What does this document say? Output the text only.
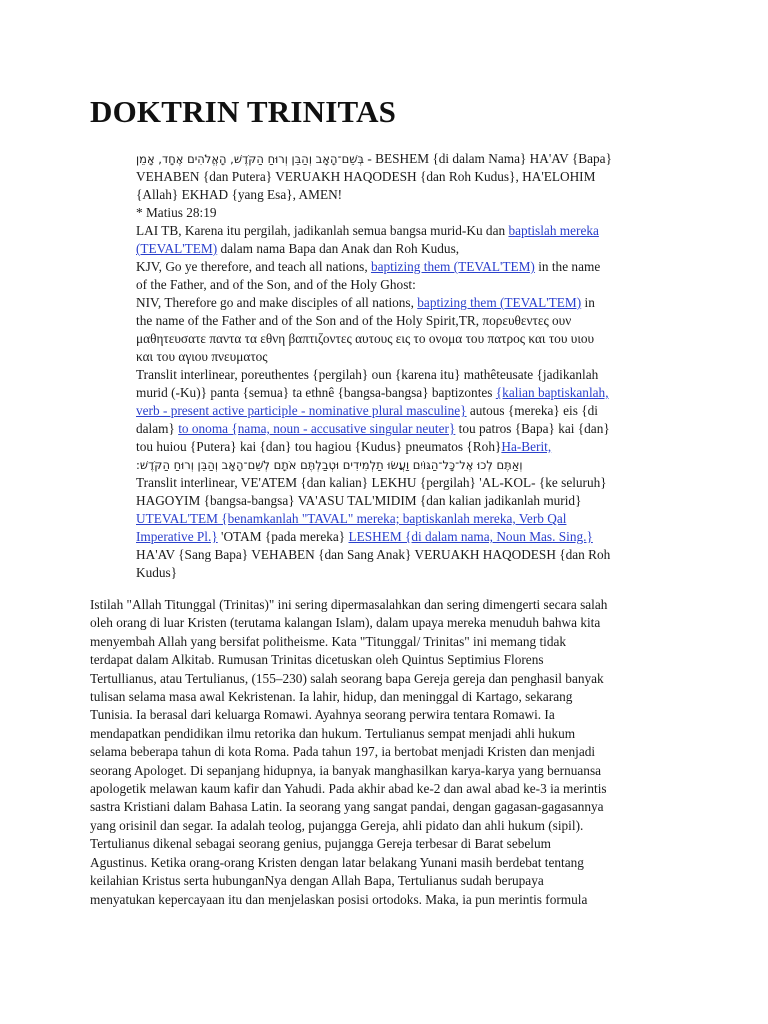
DOKTRIN TRINITAS
בְּשֵׁם־הָאָב וְהַבֵּן וְרוּחַ הַקֹּדֶשׁ, הָאֱלֹהִים אֶחָד, אָמֵן - BESHEM {di dalam Nama} HA'AV {Bapa}
VEHABEN {dan Putera} VERUAKH HAQODESH {dan Roh Kudus}, HA'ELOHIM
{Allah} EKHAD {yang Esa}, AMEN!
* Matius 28:19
LAI TB, Karena itu pergilah, jadikanlah semua bangsa murid-Ku dan baptislah mereka
(TEVAL'TEM) dalam nama Bapa dan Anak dan Roh Kudus,
KJV, Go ye therefore, and teach all nations, baptizing them (TEVAL'TEM) in the name
of the Father, and of the Son, and of the Holy Ghost:
NIV, Therefore go and make disciples of all nations, baptizing them (TEVAL'TEM) in
the name of the Father and of the Son and of the Holy Spirit,TR, πορευθεντες ουν
μαθητευσατε παντα τα εθνη βαπτιζοντες αυτους εις το ονομα του πατρος και του υιου
και του αγιου πνευματος
Translit interlinear, poreuthentes {pergilah} oun {karena itu} mathêteusate {jadikanlah
murid (-Ku)} panta {semua} ta ethnê {bangsa-bangsa} baptizontes {kalian baptiskanlah,
verb - present active participle - nominative plural masculine} autous {mereka} eis {di
dalam} to onoma {nama, noun - accusative singular neuter} tou patros {Bapa} kai {dan}
tou huiou {Putera} kai {dan} tou hagiou {Kudus} pneumatos {Roh}Ha-Berit,
וְאַתֶּם לְכוּ אֶל־כָּל־הַגּוֹיִם וַעֲשׂוּ תַלְמִידִים וּטְבַלְתֶּם אֹתָם לְשֵׁם־הָאָב וְהַבֵּן וְרוּחַ הַקֹּדֶשׁ:
Translit interlinear, VE'ATEM {dan kalian} LEKHU {pergilah} 'AL-KOL- {ke seluruh}
HAGOYIM {bangsa-bangsa} VA'ASU TAL'MIDIM {dan kalian jadikanlah murid}
UTEVAL'TEM {benamkanlah "TAVAL" mereka; baptiskanlah mereka, Verb Qal
Imperative Pl.} 'OTAM {pada mereka} LESHEM {di dalam nama, Noun Mas. Sing.}
HA'AV {Sang Bapa} VEHABEN {dan Sang Anak} VERUAKH HAQODESH {dan Roh
Kudus}
Istilah "Allah Titunggal (Trinitas)" ini sering dipermasalahkan dan sering dimengerti secara salah
oleh orang di luar Kristen (terutama kalangan Islam), dalam upaya mereka menuduh bahwa kita
menyembah Allah yang bersifat politheisme. Kata "Titunggal/ Trinitas" ini memang tidak
terdapat dalam Alkitab. Rumusan Trinitas dicetuskan oleh Quintus Septimius Florens
Tertullianus, atau Tertulianus, (155–230) salah seorang bapa Gereja gereja dan penghasil banyak
tulisan selama masa awal Kekristenan. Ia lahir, hidup, dan meninggal di Kartago, sekarang
Tunisia. Ia berasal dari keluarga Romawi. Ayahnya seorang perwira tentara Romawi. Ia
mendapatkan pendidikan ilmu retorika dan hukum. Tertulianus sempat menjadi ahli hukum
selama beberapa tahun di kota Roma. Pada tahun 197, ia bertobat menjadi Kristen dan menjadi
seorang Apologet. Di sepanjang hidupnya, ia banyak manghasilkan karya-karya yang bernuansa
apologetik melawan kaum kafir dan Yahudi. Pada akhir abad ke-2 dan awal abad ke-3 ia merintis
sastra Kristiani dalam Bahasa Latin. Ia seorang yang sangat pandai, dengan gagasan-gagasannya
yang orisinil dan segar. Ia adalah teolog, pujangga Gereja, ahli pidato dan ahli hukum (sipil).
Tertulianus dikenal sebagai seorang genius, pujangga Gereja terbesar di Barat sebelum
Agustinus. Ketika orang-orang Kristen dengan latar belakang Yunani masih berdebat tentang
keilahian Kristus serta hubunganNya dengan Allah Bapa, Tertulianus sudah berupaya
menyatukan kepercayaan itu dan menjelaskan posisi ortodoks. Maka, ia pun merintis formula
